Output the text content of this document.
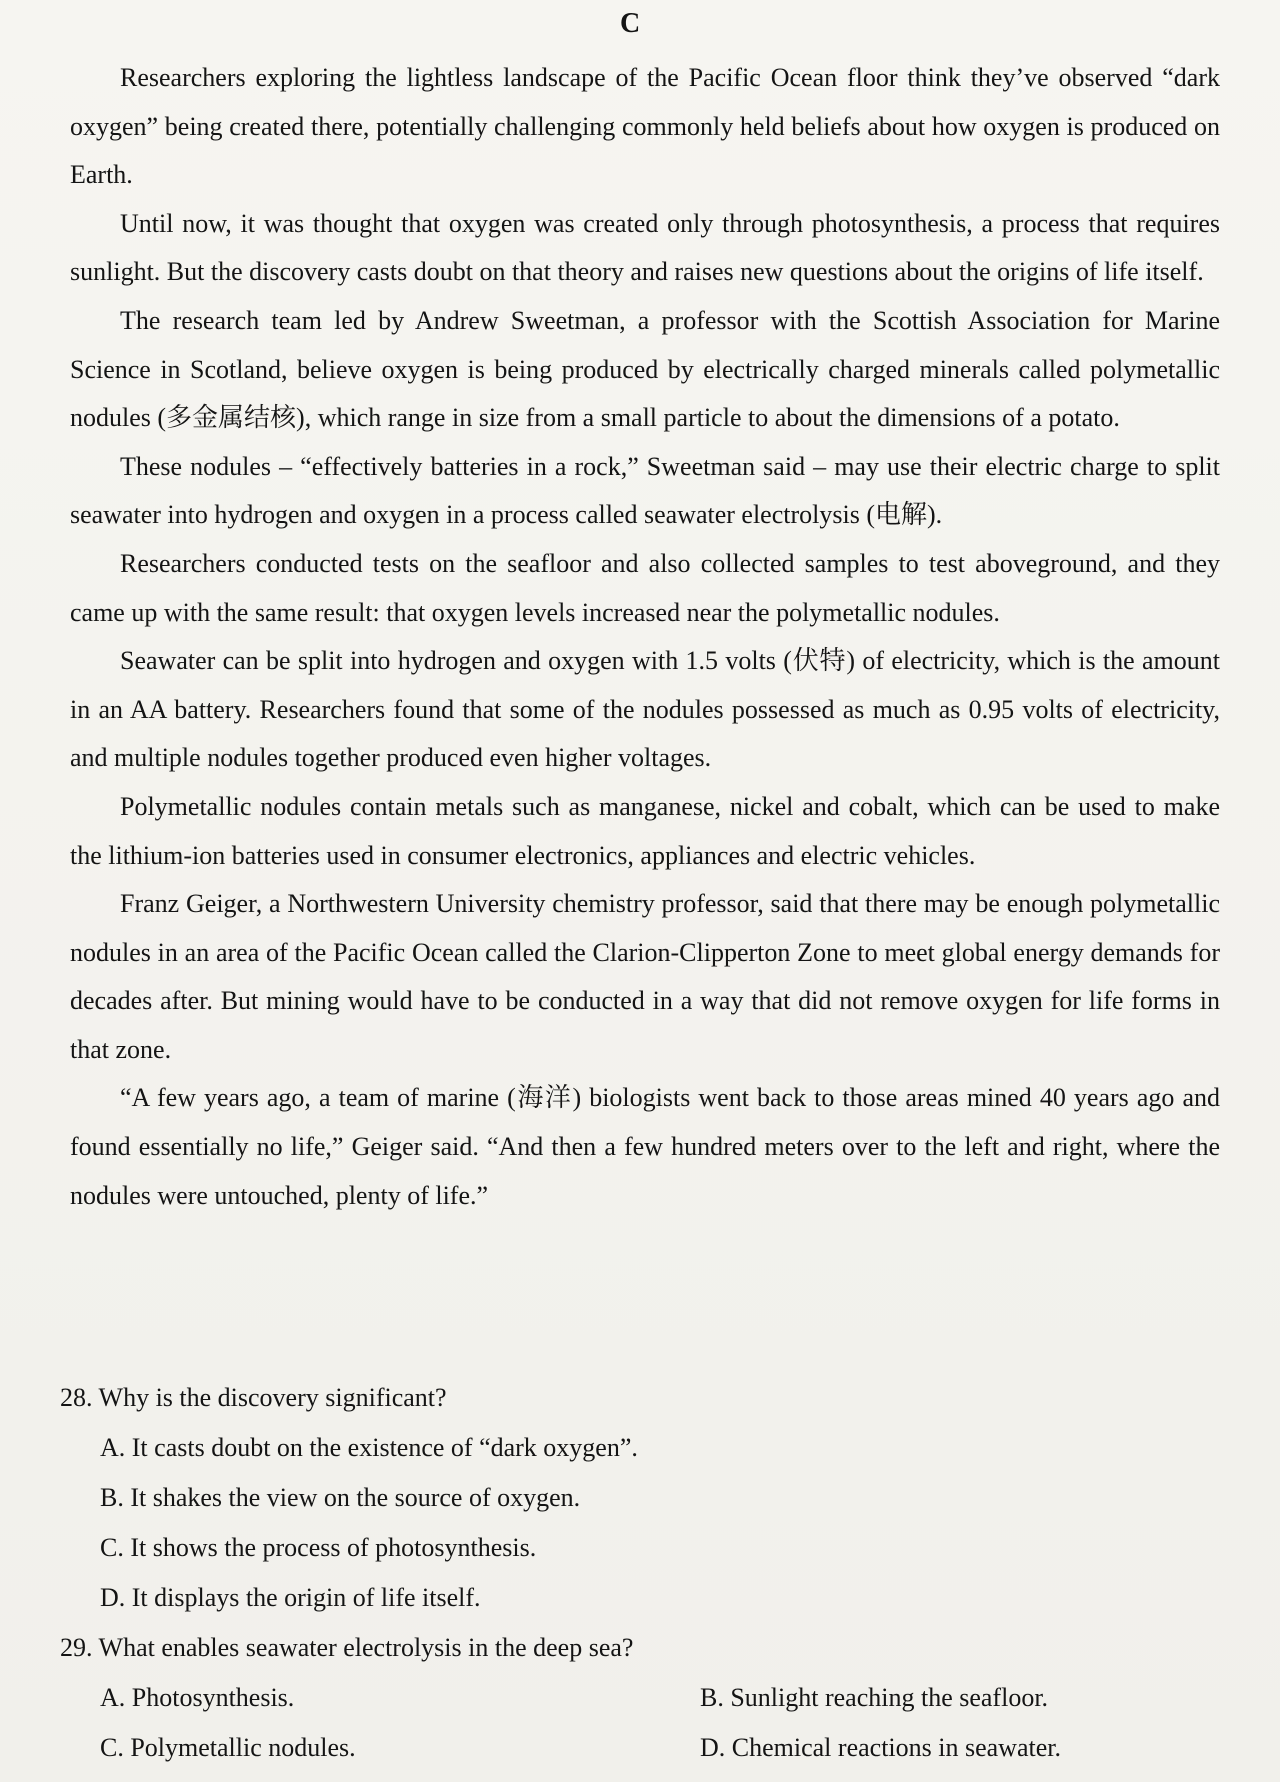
C

Researchers exploring the lightless landscape of the Pacific Ocean floor think they’ve observed “dark oxygen” being created there, potentially challenging commonly held beliefs about how oxygen is produced on Earth.

Until now, it was thought that oxygen was created only through photosynthesis, a process that requires sunlight. But the discovery casts doubt on that theory and raises new questions about the origins of life itself.

The research team led by Andrew Sweetman, a professor with the Scottish Association for Marine Science in Scotland, believe oxygen is being produced by electrically charged minerals called polymetallic nodules (多金属结核), which range in size from a small particle to about the dimensions of a potato.

These nodules – “effectively batteries in a rock,” Sweetman said – may use their electric charge to split seawater into hydrogen and oxygen in a process called seawater electrolysis (电解).

Researchers conducted tests on the seafloor and also collected samples to test aboveground, and they came up with the same result: that oxygen levels increased near the polymetallic nodules.

Seawater can be split into hydrogen and oxygen with 1.5 volts (伏特) of electricity, which is the amount in an AA battery. Researchers found that some of the nodules possessed as much as 0.95 volts of electricity, and multiple nodules together produced even higher voltages.

Polymetallic nodules contain metals such as manganese, nickel and cobalt, which can be used to make the lithium-ion batteries used in consumer electronics, appliances and electric vehicles.

Franz Geiger, a Northwestern University chemistry professor, said that there may be enough polymetallic nodules in an area of the Pacific Ocean called the Clarion-Clipperton Zone to meet global energy demands for decades after. But mining would have to be conducted in a way that did not remove oxygen for life forms in that zone.

“A few years ago, a team of marine (海洋) biologists went back to those areas mined 40 years ago and found essentially no life,” Geiger said. “And then a few hundred meters over to the left and right, where the nodules were untouched, plenty of life.”

28. Why is the discovery significant?
A. It casts doubt on the existence of “dark oxygen”.
B. It shakes the view on the source of oxygen.
C. It shows the process of photosynthesis.
D. It displays the origin of life itself.
29. What enables seawater electrolysis in the deep sea?
A. Photosynthesis.	B. Sunlight reaching the seafloor.
C. Polymetallic nodules.	D. Chemical reactions in seawater.
